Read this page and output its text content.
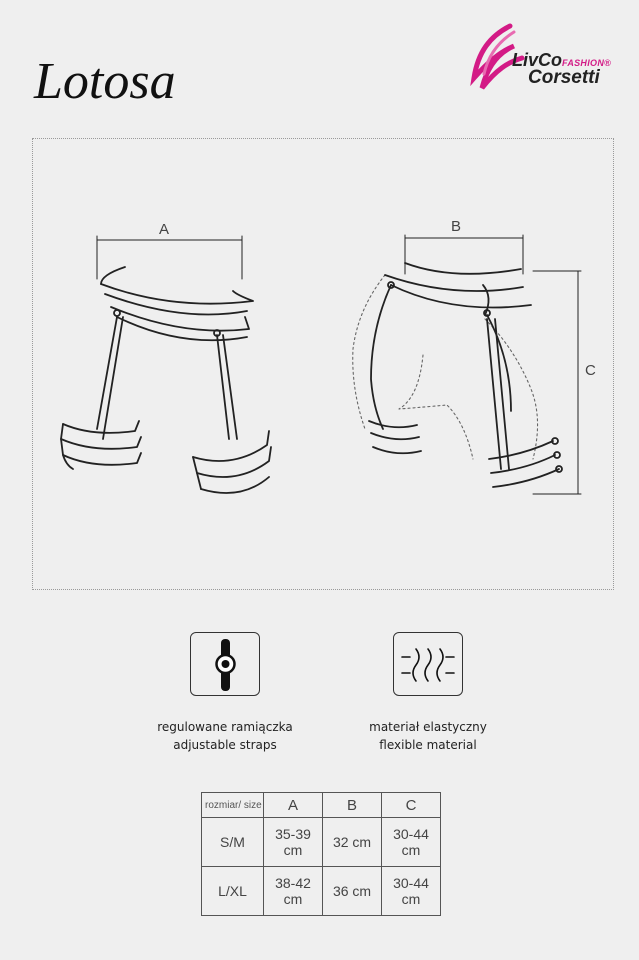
Lotosa	LivCoFASHION®
Corsetti
A	B
C
regulowane ramiączka
adjustable straps
materiał elastyczny
flexible material
rozmiar/ size	A	B	C
S/M	35-39 cm	32 cm	30-44 cm
L/XL	38-42 cm	36 cm	30-44 cm
